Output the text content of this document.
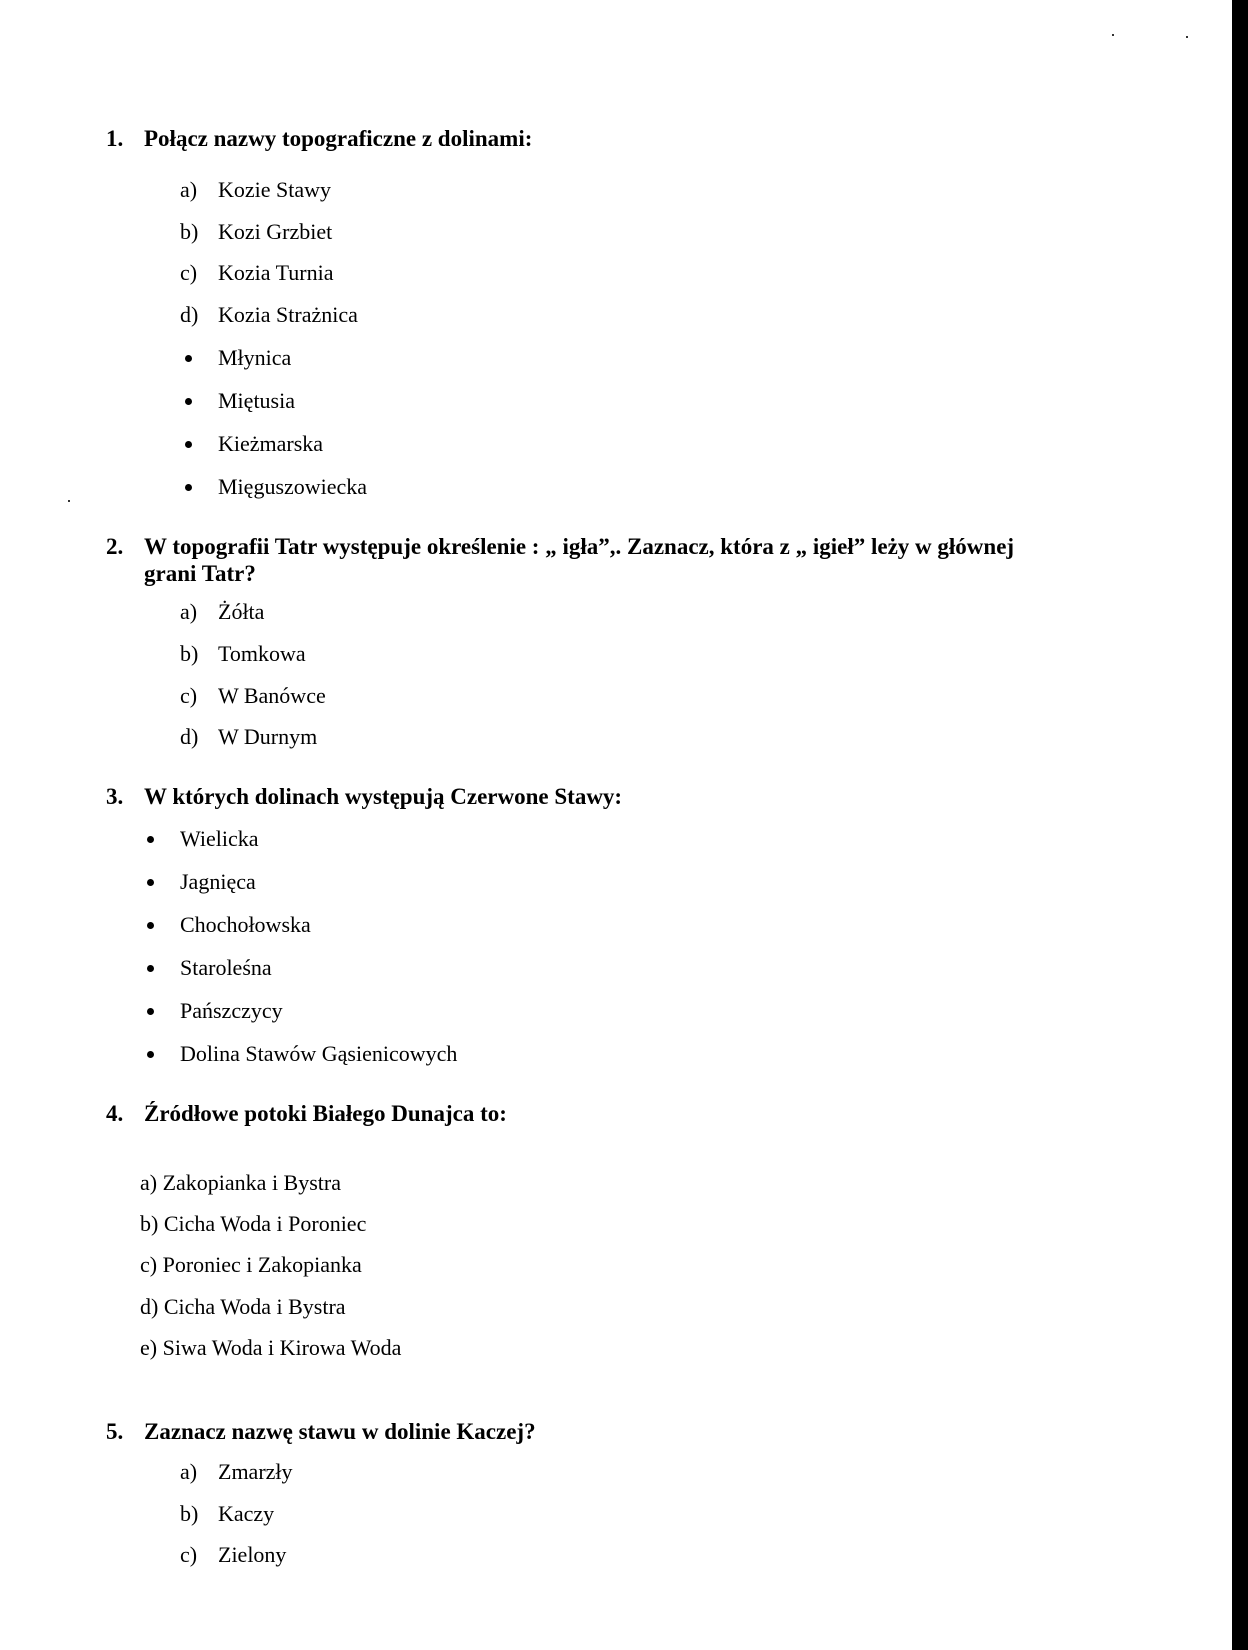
1. Połącz nazwy topograficzne z dolinami:
a) Kozie Stawy
b) Kozi Grzbiet
c) Kozia Turnia
d) Kozia Strażnica
Młynica
Miętusia
Kieżmarska
Mięguszowiecka
2. W topografii Tatr występuje określenie : „ igła”,. Zaznacz, która z „ igieł” leży w głównej grani Tatr?
a) Żółta
b) Tomkowa
c) W Banówce
d) W Durnym
3. W których dolinach występują Czerwone Stawy:
Wielicka
Jagnięca
Chochołowska
Staroleśna
Pańszczycy
Dolina Stawów Gąsienicowych
4. Źródłowe potoki Białego Dunajca to:
a) Zakopianka i Bystra
b) Cicha Woda i Poroniec
c) Poroniec i Zakopianka
d) Cicha Woda i Bystra
e) Siwa Woda i Kirowa Woda
5. Zaznacz nazwę stawu w dolinie Kaczej?
a) Zmarzły
b) Kaczy
c) Zielony
